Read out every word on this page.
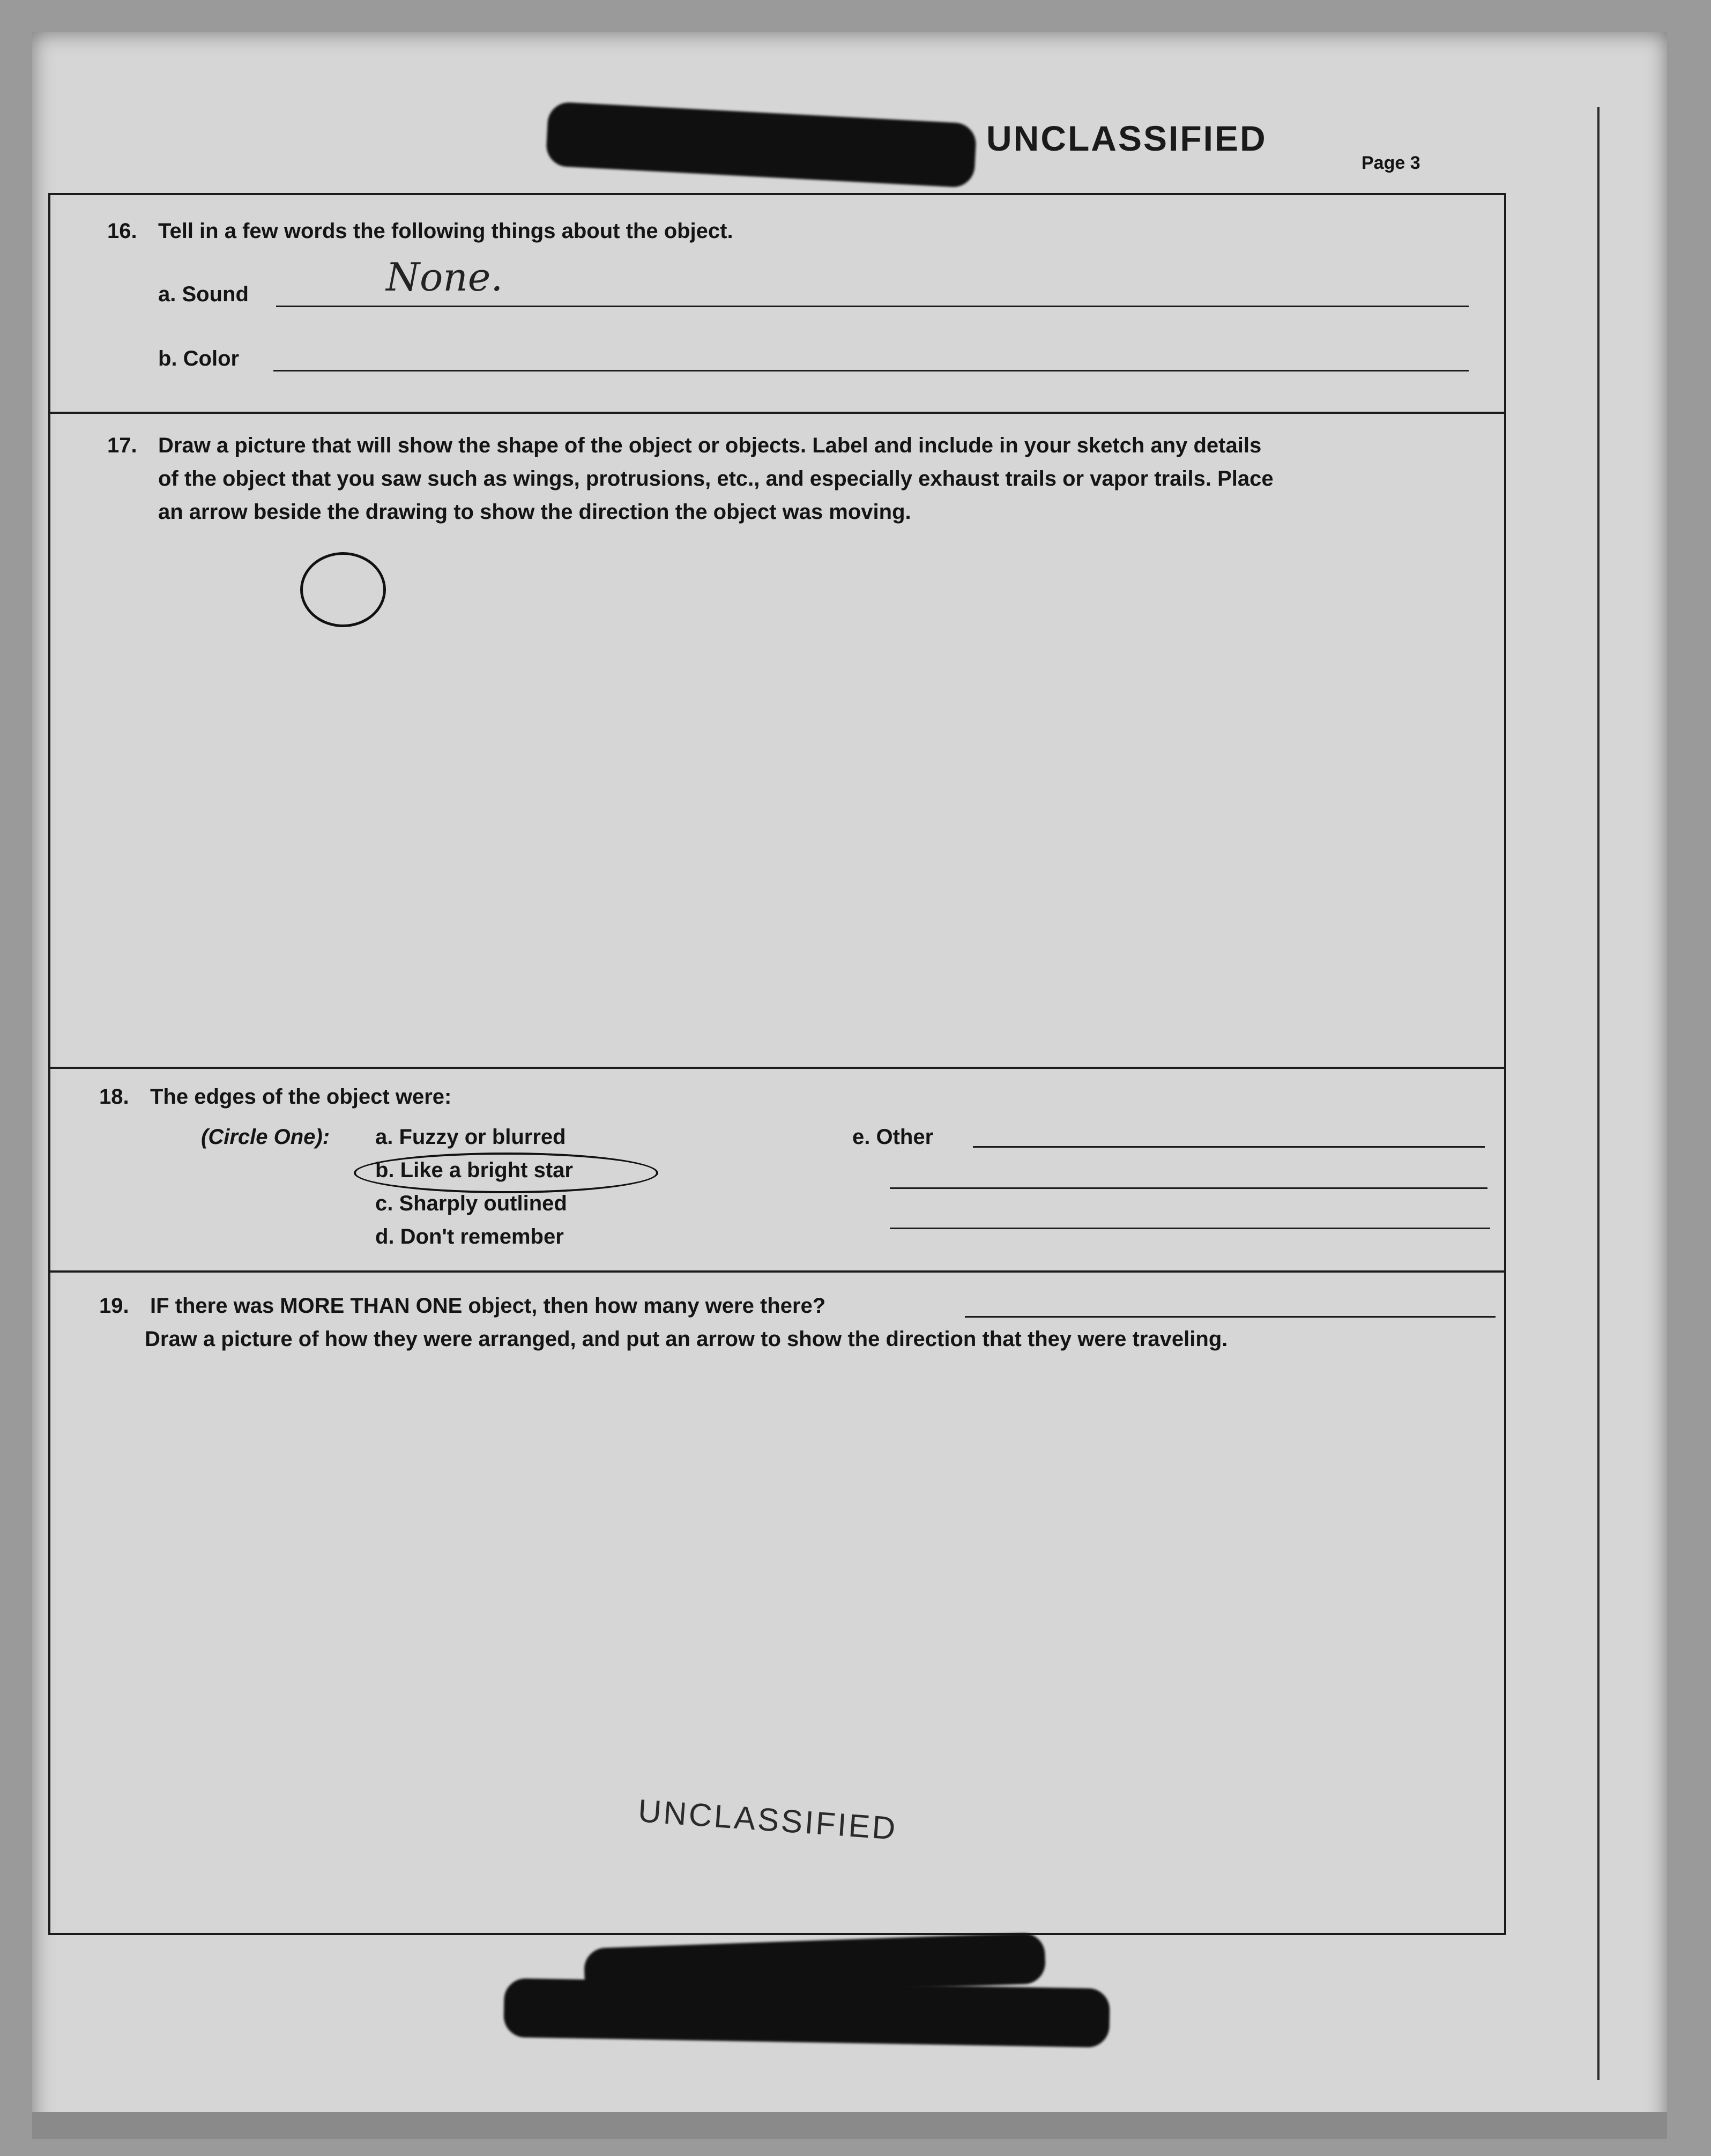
UNCLASSIFIED
Page 3
16. Tell in a few words the following things about the object.
a. Sound	None.
b. Color
17. Draw a picture that will show the shape of the object or objects. Label and include in your sketch any details
of the object that you saw such as wings, protrusions, etc., and especially exhaust trails or vapor trails. Place
an arrow beside the drawing to show the direction the object was moving.
18. The edges of the object were:
(Circle One): a. Fuzzy or blurred
b. Like a bright star
c. Sharply outlined
d. Don't remember
e. Other
19. IF there was MORE THAN ONE object, then how many were there?
Draw a picture of how they were arranged, and put an arrow to show the direction that they were traveling.
UNCLASSIFIED
